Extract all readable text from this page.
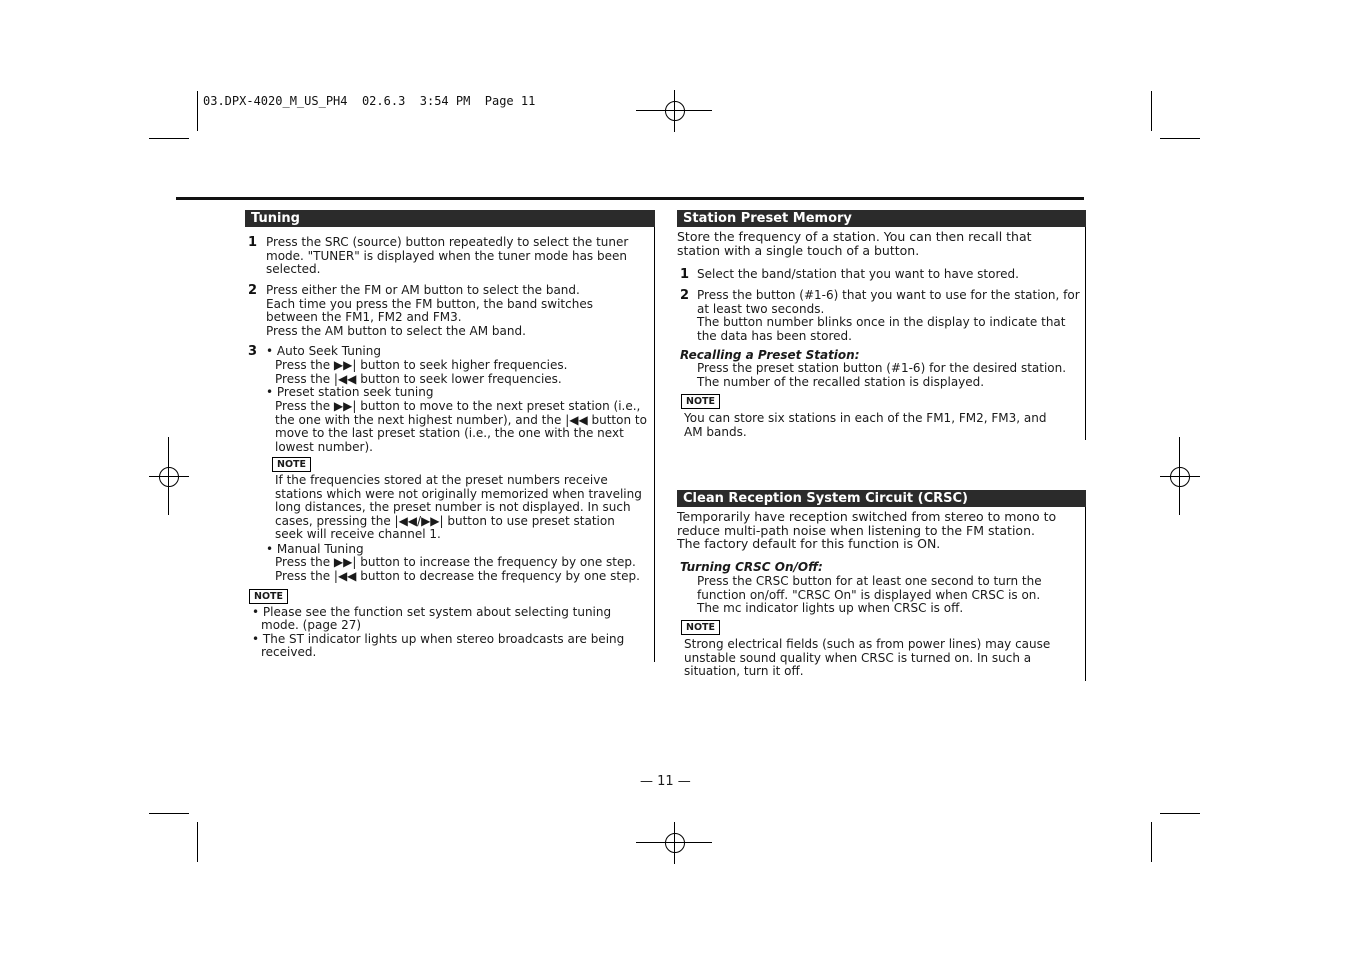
03.DPX-4020_M_US_PH4  02.6.3  3:54 PM  Page 11
Tuning
1 Press the SRC (source) button repeatedly to select the tuner
mode. "TUNER" is displayed when the tuner mode has been
selected.
2 Press either the FM or AM button to select the band.
Each time you press the FM button, the band switches
between the FM1, FM2 and FM3.
Press the AM button to select the AM band.
3 • Auto Seek Tuning
Press the ▶▶| button to seek higher frequencies.
Press the |◀◀ button to seek lower frequencies.
• Preset station seek tuning
Press the ▶▶| button to move to the next preset station (i.e.,
the one with the next highest number), and the |◀◀ button to
move to the last preset station (i.e., the one with the next
lowest number).
NOTE
If the frequencies stored at the preset numbers receive
stations which were not originally memorized when traveling
long distances, the preset number is not displayed. In such
cases, pressing the |◀◀/▶▶| button to use preset station
seek will receive channel 1.
• Manual Tuning
Press the ▶▶| button to increase the frequency by one step.
Press the |◀◀ button to decrease the frequency by one step.
NOTE
• Please see the function set system about selecting tuning
mode. (page 27)
• The ST indicator lights up when stereo broadcasts are being
received.
Station Preset Memory
Store the frequency of a station. You can then recall that
station with a single touch of a button.
1 Select the band/station that you want to have stored.
2 Press the button (#1-6) that you want to use for the station, for
at least two seconds.
The button number blinks once in the display to indicate that
the data has been stored.
Recalling a Preset Station:
Press the preset station button (#1-6) for the desired station.
The number of the recalled station is displayed.
NOTE
You can store six stations in each of the FM1, FM2, FM3, and
AM bands.
Clean Reception System Circuit (CRSC)
Temporarily have reception switched from stereo to mono to
reduce multi-path noise when listening to the FM station.
The factory default for this function is ON.
Turning CRSC On/Off:
Press the CRSC button for at least one second to turn the
function on/off. "CRSC On" is displayed when CRSC is on.
The mc indicator lights up when CRSC is off.
NOTE
Strong electrical fields (such as from power lines) may cause
unstable sound quality when CRSC is turned on. In such a
situation, turn it off.
— 11 —
